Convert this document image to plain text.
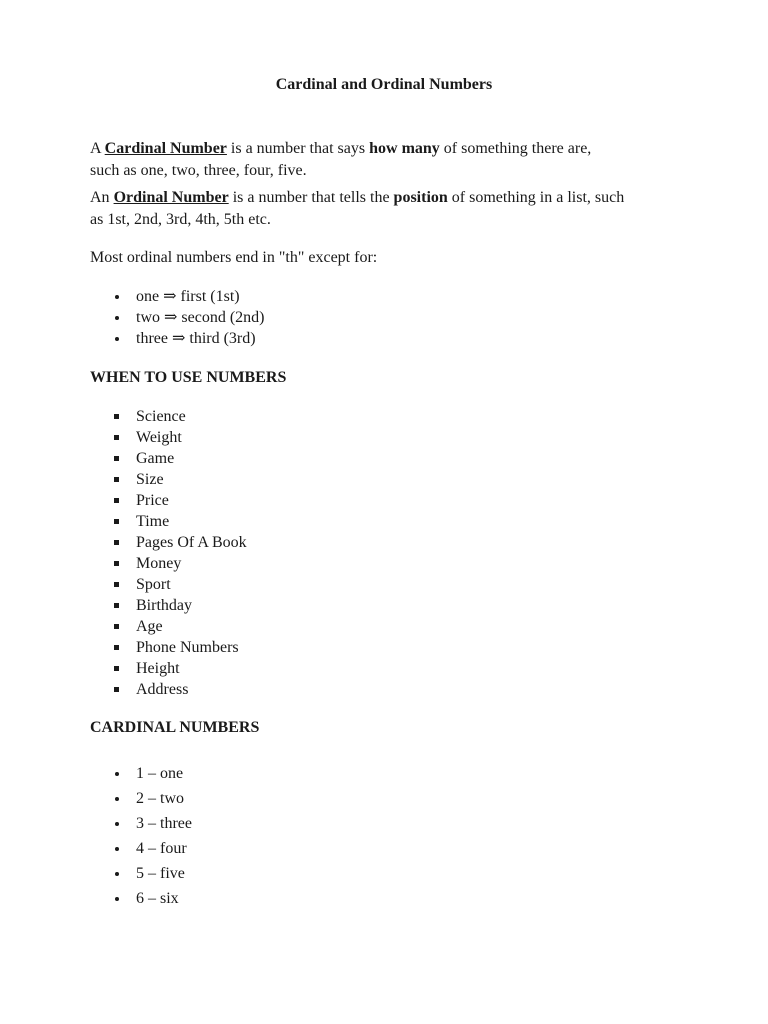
Cardinal and Ordinal Numbers

A Cardinal Number is a number that says how many of something there are,
such as one, two, three, four, five.

An Ordinal Number is a number that tells the position of something in a list, such
as 1st, 2nd, 3rd, 4th, 5th etc.

Most ordinal numbers end in "th" except for:

one ⇒ first (1st)
two ⇒ second (2nd)
three ⇒ third (3rd)
WHEN TO USE NUMBERS
Science
Weight
Game
Size
Price
Time
Pages Of A Book
Money
Sport
Birthday
Age
Phone Numbers
Height
Address
CARDINAL NUMBERS
1 – one
2 – two
3 – three
4 – four
5 – five
6 – six
